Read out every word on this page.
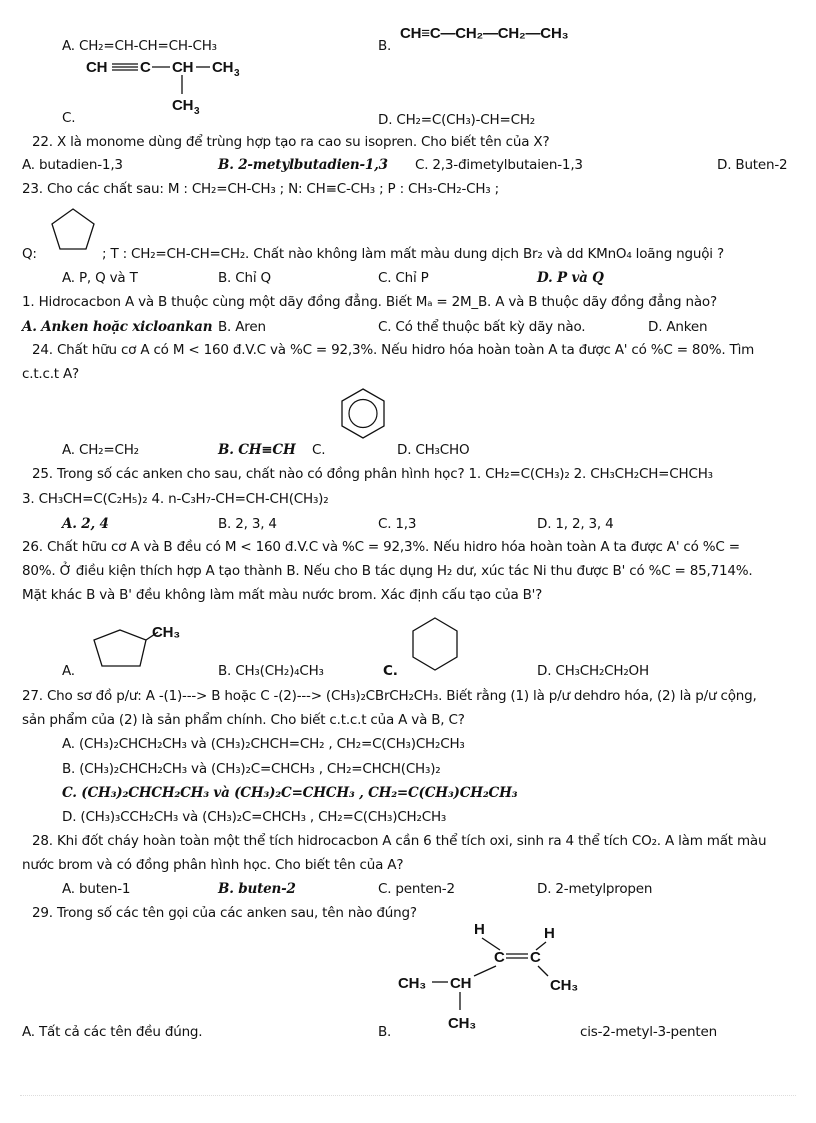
A. CH₂=CH-CH=CH-CH₃	B.
CH≡C—CH₂—CH₂—CH₃
CH C CH CH 3
CH 3
C.	D. CH₂=C(CH₃)-CH=CH₂
22. X là monome dùng để trùng hợp tạo ra cao su isopren. Cho biết tên của X?
A. butadien-1,3	B. 2-metylbutadien-1,3 C. 2,3-đimetylbutaien-1,3	D. Buten-2
23. Cho các chất sau: M : CH₂=CH-CH₃ ; N: CH≡C-CH₃ ; P : CH₃-CH₂-CH₃ ;
Q:	; T : CH₂=CH-CH=CH₂. Chất nào không làm mất màu dung dịch Br₂ và dd KMnO₄ loãng nguội ?
A. P, Q và T	B. Chỉ Q	C. Chỉ P	D. P và Q
1. Hidrocacbon A và B thuộc cùng một dãy đồng đẳng. Biết Mₐ = 2M_B. A và B thuộc dãy đồng đẳng nào?
A. Anken hoặc xicloankan B. Aren	C. Có thể thuộc bất kỳ dãy nào.	D. Anken
24. Chất hữu cơ A có M < 160 đ.V.C và %C = 92,3%. Nếu hidro hóa hoàn toàn A ta được A' có %C = 80%. Tìm
c.t.c.t A?
A. CH₂=CH₂	B. CH≡CH C.	D. CH₃CHO
25. Trong số các anken cho sau, chất nào có đồng phân hình học? 1. CH₂=C(CH₃)₂ 2. CH₃CH₂CH=CHCH₃
3. CH₃CH=C(C₂H₅)₂ 4. n-C₃H₇-CH=CH-CH(CH₃)₂
A. 2, 4	B. 2, 3, 4	C. 1,3	D. 1, 2, 3, 4
26. Chất hữu cơ A và B đều có M < 160 đ.V.C và %C = 92,3%. Nếu hidro hóa hoàn toàn A ta được A' có %C =
80%. Ở điều kiện thích hợp A tạo thành B. Nếu cho B tác dụng H₂ dư, xúc tác Ni thu được B' có %C = 85,714%.
Mặt khác B và B' đều không làm mất màu nước brom. Xác định cấu tạo của B'?
CH₃
A.	B. CH₃(CH₂)₄CH₃	C.	D. CH₃CH₂CH₂OH
27. Cho sơ đồ p/ư: A -(1)---> B hoặc C -(2)---> (CH₃)₂CBrCH₂CH₃. Biết rằng (1) là p/ư dehdro hóa, (2) là p/ư cộng,
sản phẩm của (2) là sản phẩm chính. Cho biết c.t.c.t của A và B, C?
A. (CH₃)₂CHCH₂CH₃ và (CH₃)₂CHCH=CH₂ , CH₂=C(CH₃)CH₂CH₃
B. (CH₃)₂CHCH₂CH₃ và (CH₃)₂C=CHCH₃ , CH₂=CHCH(CH₃)₂
C. (CH₃)₂CHCH₂CH₃ và (CH₃)₂C=CHCH₃ , CH₂=C(CH₃)CH₂CH₃
D. (CH₃)₃CCH₂CH₃ và (CH₃)₂C=CHCH₃ , CH₂=C(CH₃)CH₂CH₃
28. Khi đốt cháy hoàn toàn một thể tích hidrocacbon A cần 6 thể tích oxi, sinh ra 4 thể tích CO₂. A làm mất màu
nước brom và có đồng phân hình học. Cho biết tên của A?
A. buten-1	B. buten-2	C. penten-2	D. 2-metylpropen
29. Trong số các tên gọi của các anken sau, tên nào đúng?
H	H
C C
CH₃ CH	CH₃
CH₃
A. Tất cả các tên đều đúng.	B.	cis-2-metyl-3-penten
